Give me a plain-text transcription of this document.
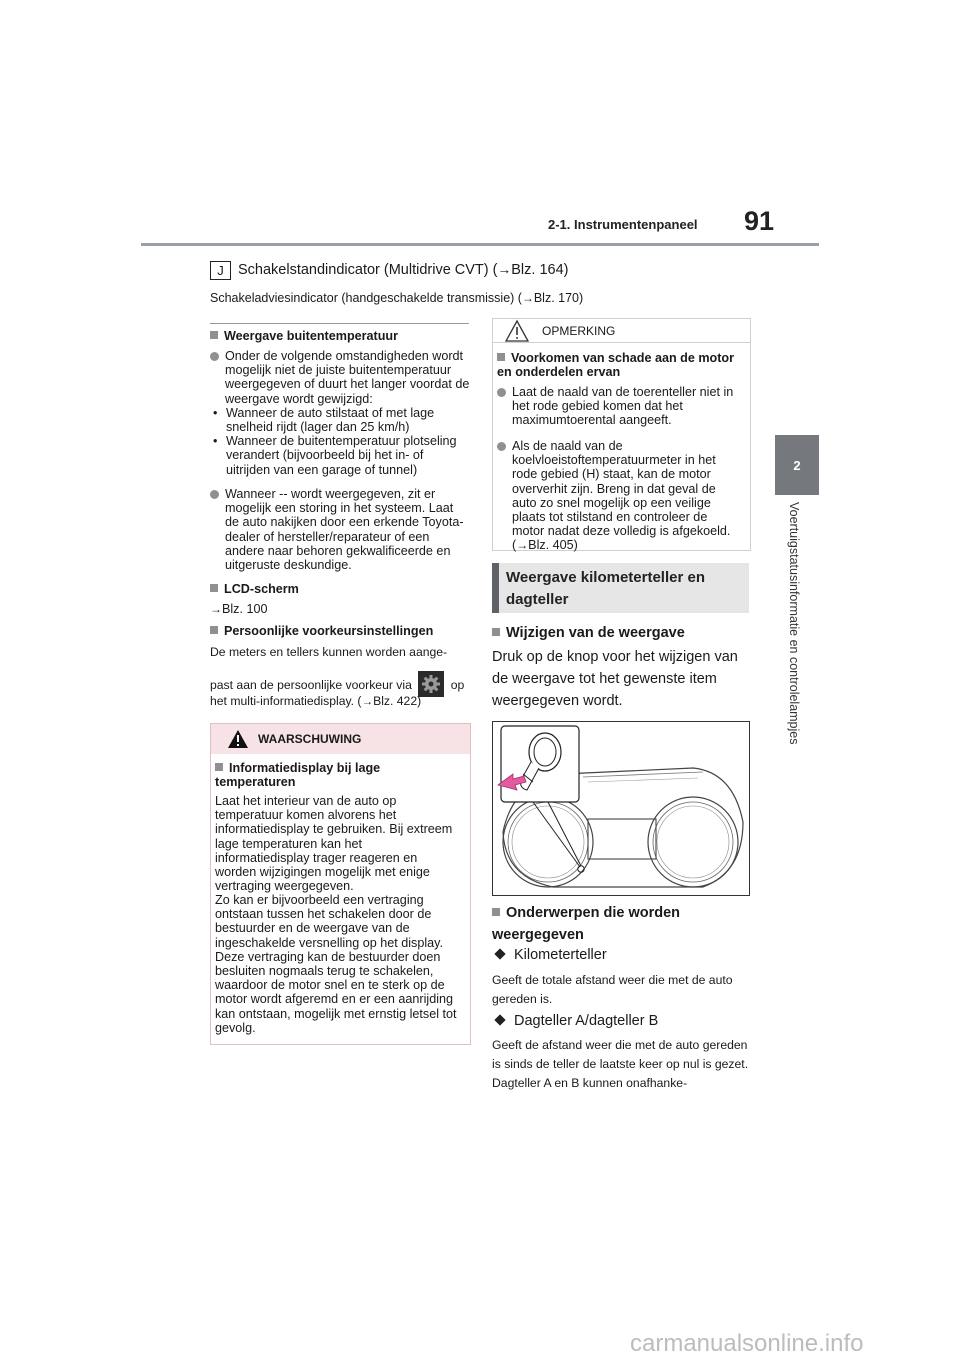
2-1. Instrumentenpaneel 91
2
Voertuigstatusinformatie en controlelampjes
J Schakelstandindicator (Multidrive CVT) (→Blz. 164)
Schakeladviesindicator (handgeschakelde transmissie) (→Blz. 170)
Weergave buitentemperatuur
Onder de volgende omstandigheden wordt mogelijk niet de juiste buitentemperatuur weergegeven of duurt het langer voordat de weergave wordt gewijzigd:
• Wanneer de auto stilstaat of met lage snelheid rijdt (lager dan 25 km/h)
• Wanneer de buitentemperatuur plotseling verandert (bijvoorbeeld bij het in- of uitrijden van een garage of tunnel)
Wanneer -- wordt weergegeven, zit er mogelijk een storing in het systeem. Laat de auto nakijken door een erkende Toyota-dealer of hersteller/reparateur of een andere naar behoren gekwalificeerde en uitgeruste deskundige.
LCD-scherm
→Blz. 100
Persoonlijke voorkeursinstellingen
De meters en tellers kunnen worden aange-
past aan de persoonlijke voorkeur via	op
het multi-informatiedisplay. (→Blz. 422)
WAARSCHUWING
Informatiedisplay bij lage temperaturen
Laat het interieur van de auto op temperatuur komen alvorens het informatiedisplay te gebruiken. Bij extreem lage temperaturen kan het informatiedisplay trager reageren en worden wijzigingen mogelijk met enige vertraging weergegeven.
Zo kan er bijvoorbeeld een vertraging ontstaan tussen het schakelen door de bestuurder en de weergave van de ingeschakelde versnelling op het display. Deze vertraging kan de bestuurder doen besluiten nogmaals terug te schakelen, waardoor de motor snel en te sterk op de motor wordt afgeremd en er een aanrijding kan ontstaan, mogelijk met ernstig letsel tot gevolg.
OPMERKING
Voorkomen van schade aan de motor en onderdelen ervan
Laat de naald van de toerenteller niet in het rode gebied komen dat het maximumtoerental aangeeft.
Als de naald van de koelvloeistoftemperatuurmeter in het rode gebied (H) staat, kan de motor oververhit zijn. Breng in dat geval de auto zo snel mogelijk op een veilige plaats tot stilstand en controleer de motor nadat deze volledig is afgekoeld. (→Blz. 405)
Weergave kilometerteller en dagteller
Wijzigen van de weergave
Druk op de knop voor het wijzigen van de weergave tot het gewenste item weergegeven wordt.
Onderwerpen die worden weergegeven
Kilometerteller
Geeft de totale afstand weer die met de auto gereden is.
Dagteller A/dagteller B
Geeft de afstand weer die met de auto gereden is sinds de teller de laatste keer op nul is gezet. Dagteller A en B kunnen onafhanke-
carmanualsonline.info
